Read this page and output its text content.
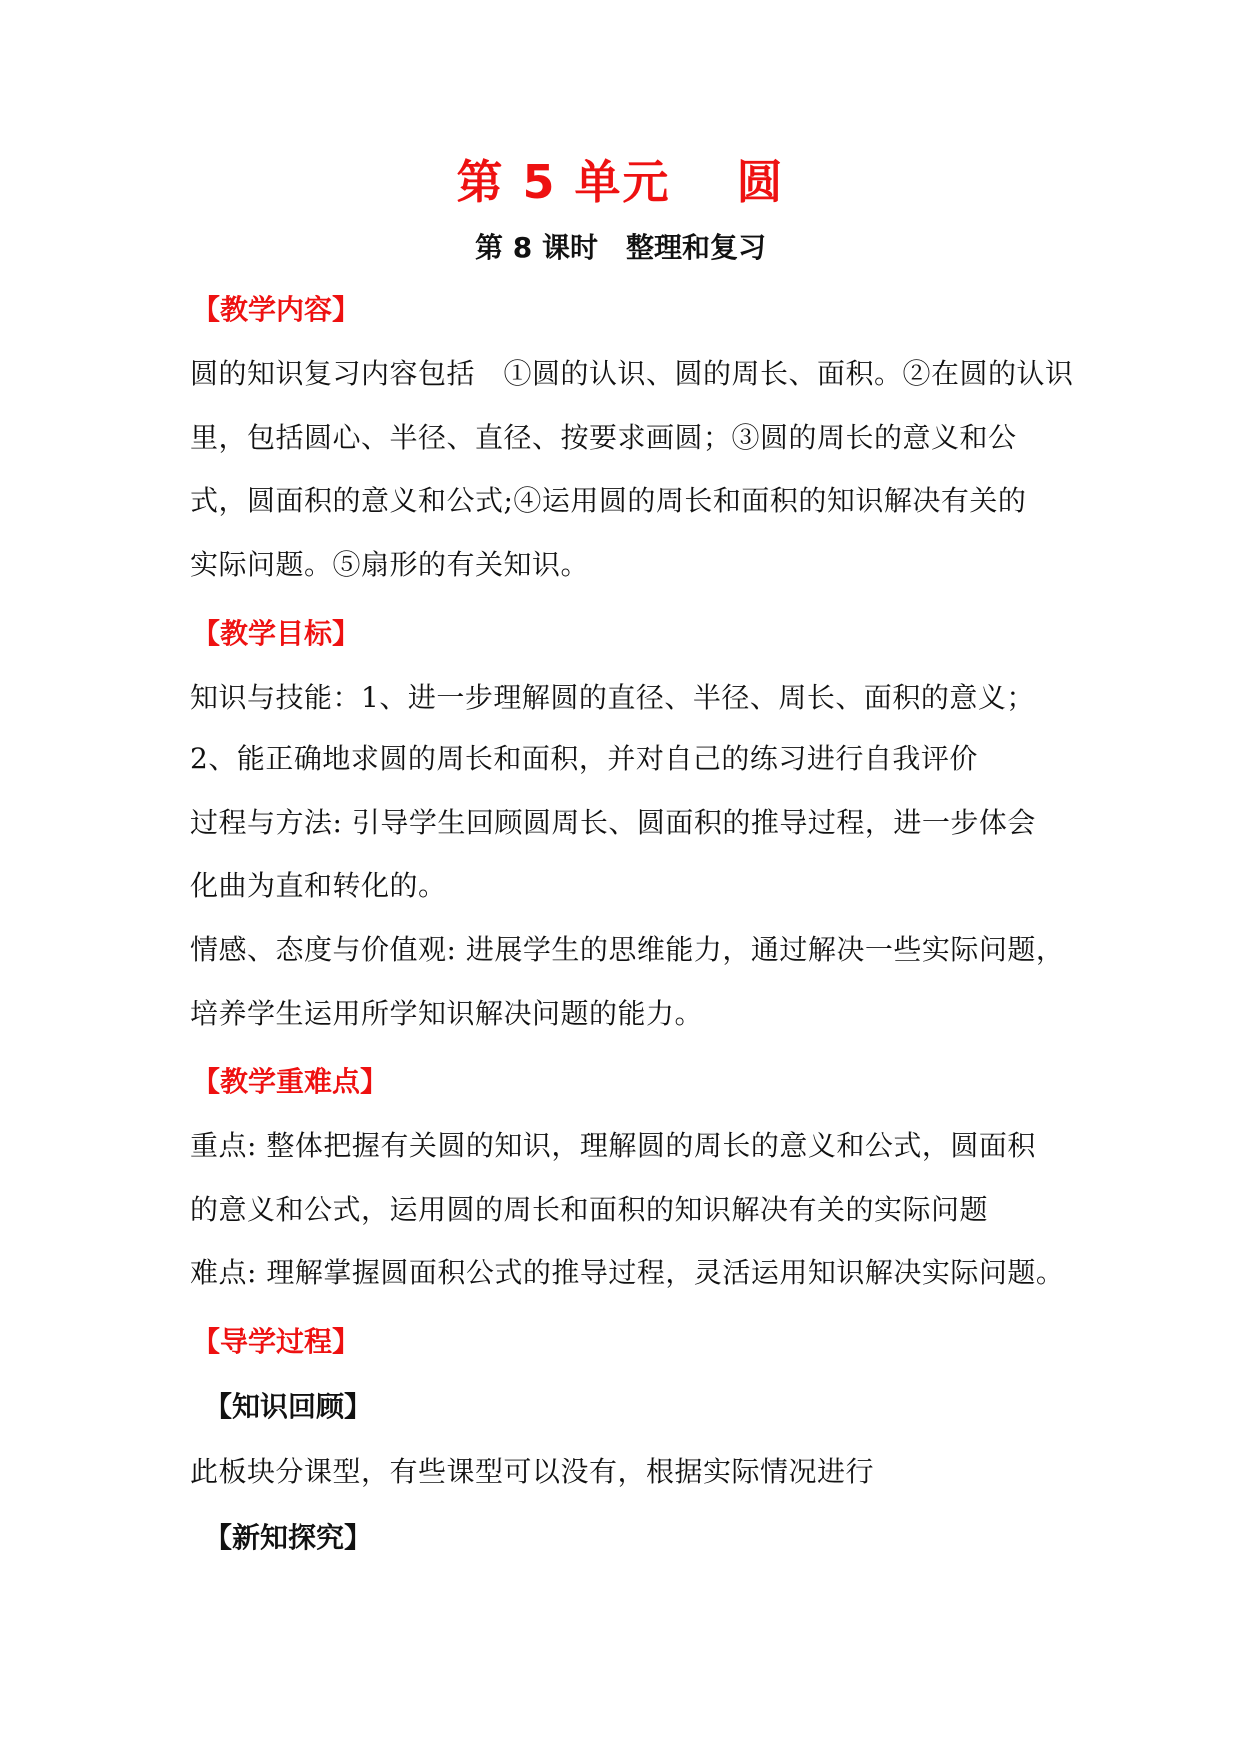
第 5 单元　 圆
第 8 课时　整理和复习
【教学内容】
圆的知识复习内容包括　①圆的认识、圆的周长、面积。②在圆的认识
里，包括圆心、半径、直径、按要求画圆；③圆的周长的意义和公
式，圆面积的意义和公式;④运用圆的周长和面积的知识解决有关的
实际问题。⑤扇形的有关知识。
【教学目标】
知识与技能：1、进一步理解圆的直径、半径、周长、面积的意义；
2、能正确地求圆的周长和面积，并对自己的练习进行自我评价
过程与方法: 引导学生回顾圆周长、圆面积的推导过程，进一步体会
化曲为直和转化的。
情感、态度与价值观: 进展学生的思维能力，通过解决一些实际问题，
培养学生运用所学知识解决问题的能力。
【教学重难点】
重点: 整体把握有关圆的知识，理解圆的周长的意义和公式，圆面积
的意义和公式，运用圆的周长和面积的知识解决有关的实际问题
难点: 理解掌握圆面积公式的推导过程，灵活运用知识解决实际问题。
【导学过程】
【知识回顾】
此板块分课型，有些课型可以没有，根据实际情况进行
【新知探究】
